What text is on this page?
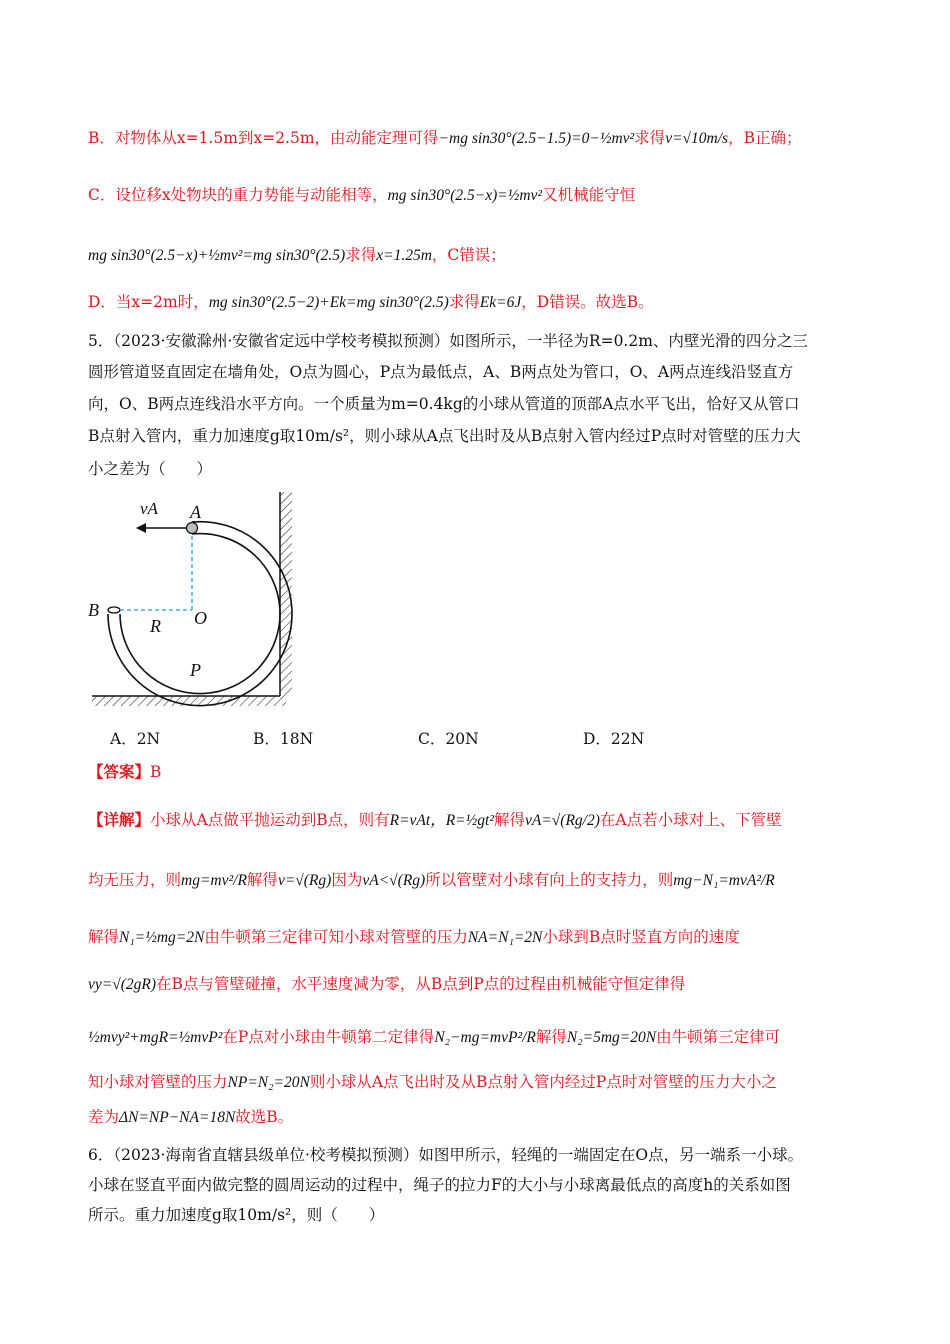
B．对物体从x=1.5m到x=2.5m，由动能定理可得−mg sin30°(2.5−1.5)=0−½mv²求得v=√10m/s，B正确；
C．设位移x处物块的重力势能与动能相等，mg sin30°(2.5−x)=½mv²又机械能守恒
mg sin30°(2.5−x)+½mv²=mg sin30°(2.5)求得x=1.25m，C错误；
D．当x=2m时，mg sin30°(2.5−2)+Ek=mg sin30°(2.5)求得Ek=6J，D错误。故选B。
5．（2023·安徽滁州·安徽省定远中学校考模拟预测）如图所示，一半径为R=0.2m、内壁光滑的四分之三
圆形管道竖直固定在墙角处，O点为圆心，P点为最低点，A、B两点处为管口，O、A两点连线沿竖直方
向，O、B两点连线沿水平方向。一个质量为m=0.4kg的小球从管道的顶部A点水平飞出，恰好又从管口
B点射入管内，重力加速度g取10m/s²，则小球从A点飞出时及从B点射入管内经过P点时对管壁的压力大
小之差为（　　）
vA A
B	O
R
P
A．2N	B．18N	C．20N	D．22N
【答案】B
【详解】小球从A点做平抛运动到B点，则有R=vAt，R=½gt²解得vA=√(Rg/2)在A点若小球对上、下管壁
均无压力，则mg=mv²/R解得v=√(Rg)因为vA<√(Rg)所以管壁对小球有向上的支持力，则mg−N₁=mvA²/R
解得N₁=½mg=2N由牛顿第三定律可知小球对管壁的压力NA=N₁=2N小球到B点时竖直方向的速度
vy=√(2gR)在B点与管壁碰撞，水平速度减为零，从B点到P点的过程由机械能守恒定律得
½mvy²+mgR=½mvP²在P点对小球由牛顿第二定律得N₂−mg=mvP²/R解得N₂=5mg=20N由牛顿第三定律可
知小球对管壁的压力NP=N₂=20N则小球从A点飞出时及从B点射入管内经过P点时对管壁的压力大小之
差为ΔN=NP−NA=18N故选B。
6．（2023·海南省直辖县级单位·校考模拟预测）如图甲所示，轻绳的一端固定在O点，另一端系一小球。
小球在竖直平面内做完整的圆周运动的过程中，绳子的拉力F的大小与小球离最低点的高度h的关系如图
所示。重力加速度g取10m/s²，则（　　）
